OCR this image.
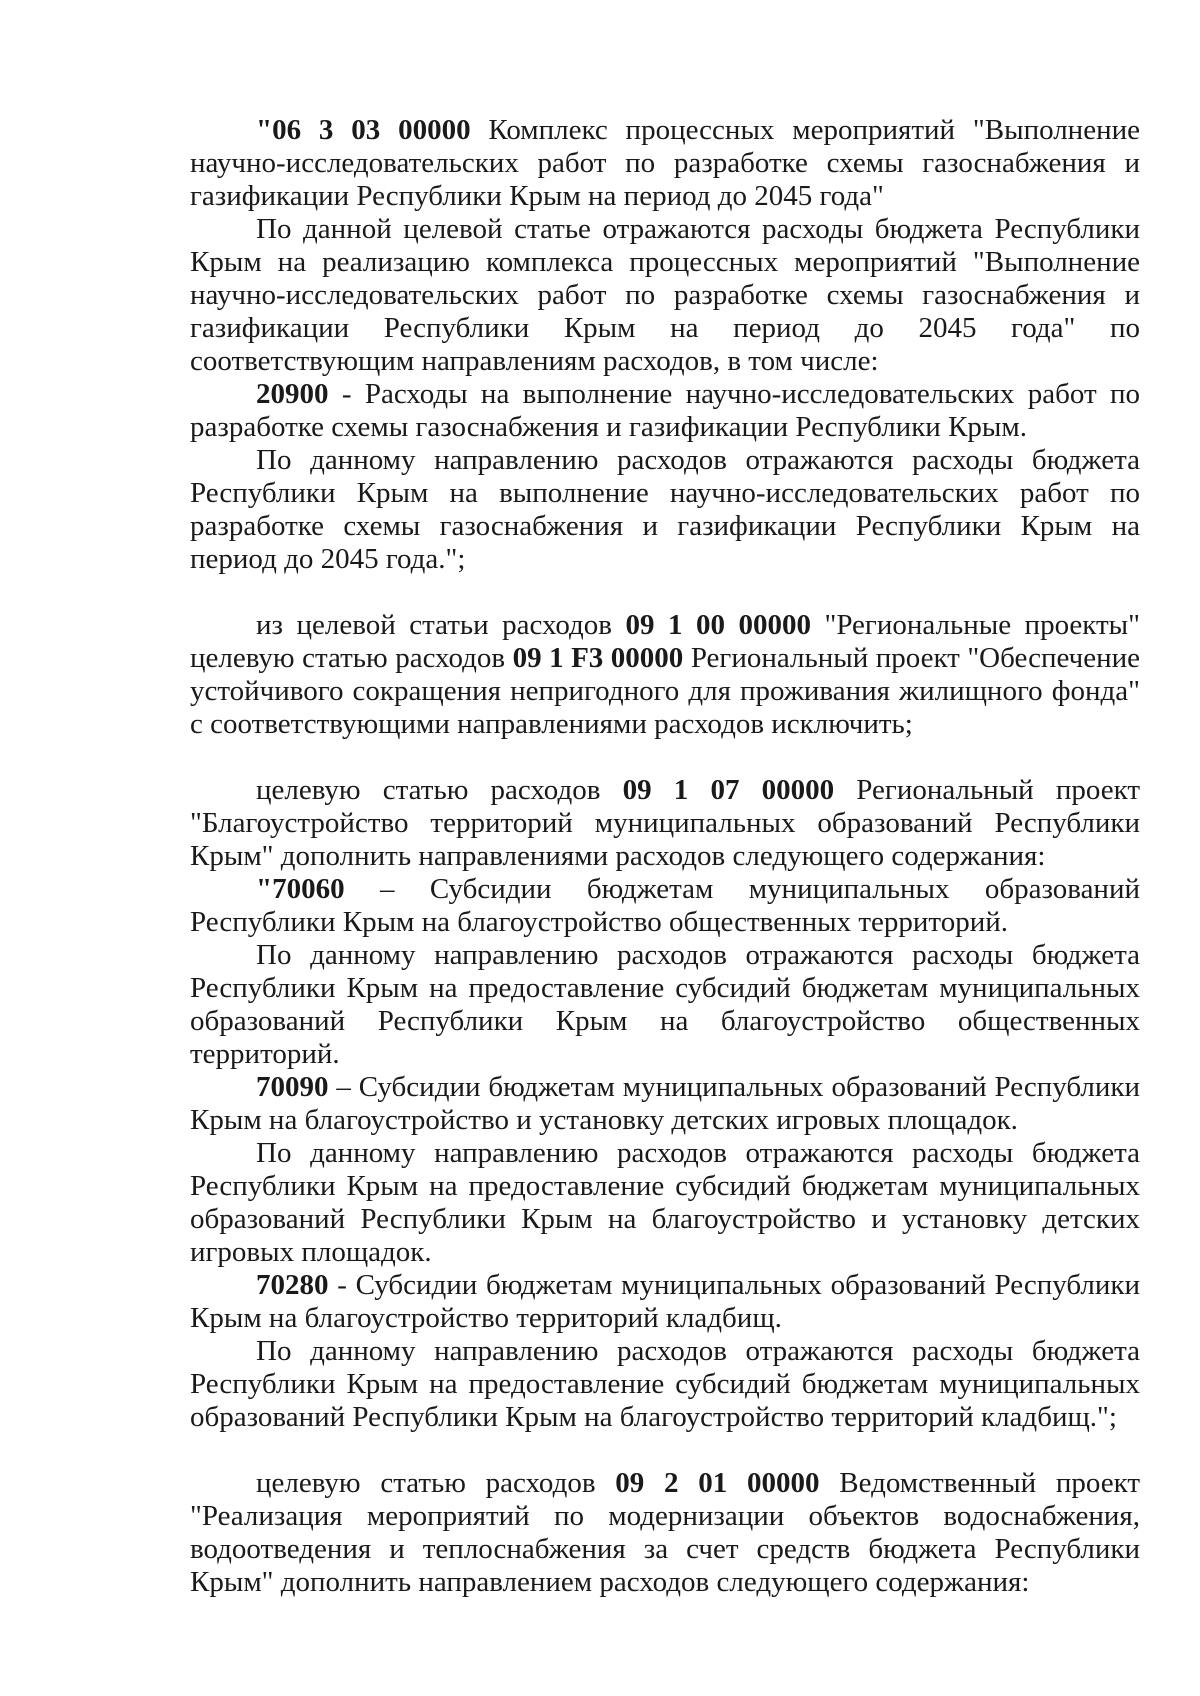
"06 3 03 00000 Комплекс процессных мероприятий "Выполнение научно-исследовательских работ по разработке схемы газоснабжения и газификации Республики Крым на период до 2045 года"

По данной целевой статье отражаются расходы бюджета Республики Крым на реализацию комплекса процессных мероприятий "Выполнение научно-исследовательских работ по разработке схемы газоснабжения и газификации Республики Крым на период до 2045 года" по соответствующим направлениям расходов, в том числе:

20900 - Расходы на выполнение научно-исследовательских работ по разработке схемы газоснабжения и газификации Республики Крым.

По данному направлению расходов отражаются расходы бюджета Республики Крым на выполнение научно-исследовательских работ по разработке схемы газоснабжения и газификации Республики Крым на период до 2045 года.";

из целевой статьи расходов 09 1 00 00000 "Региональные проекты" целевую статью расходов 09 1 F3 00000 Региональный проект "Обеспечение устойчивого сокращения непригодного для проживания жилищного фонда" с соответствующими направлениями расходов исключить;

целевую статью расходов 09 1 07 00000 Региональный проект "Благоустройство территорий муниципальных образований Республики Крым" дополнить направлениями расходов следующего содержания:

"70060 – Субсидии бюджетам муниципальных образований Республики Крым на благоустройство общественных территорий.

По данному направлению расходов отражаются расходы бюджета Республики Крым на предоставление субсидий бюджетам муниципальных образований Республики Крым на благоустройство общественных территорий.

70090 – Субсидии бюджетам муниципальных образований Республики Крым на благоустройство и установку детских игровых площадок.

По данному направлению расходов отражаются расходы бюджета Республики Крым на предоставление субсидий бюджетам муниципальных образований Республики Крым на благоустройство и установку детских игровых площадок.

70280 - Субсидии бюджетам муниципальных образований Республики Крым на благоустройство территорий кладбищ.

По данному направлению расходов отражаются расходы бюджета Республики Крым на предоставление субсидий бюджетам муниципальных образований Республики Крым на благоустройство территорий кладбищ.";

целевую статью расходов 09 2 01 00000 Ведомственный проект "Реализация мероприятий по модернизации объектов водоснабжения, водоотведения и теплоснабжения за счет средств бюджета Республики Крым" дополнить направлением расходов следующего содержания:
